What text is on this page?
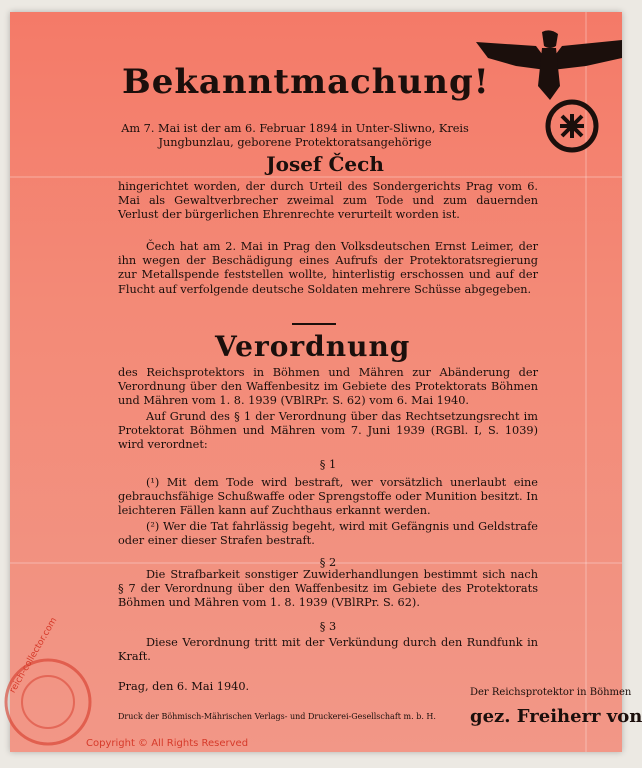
Bekanntmachung!
Am 7. Mai ist der am 6. Februar 1894 in Unter-Sliwno, Kreis Jungbunzlau, geborene Protektoratsangehörige
Josef Čech
hingerichtet worden, der durch Urteil des Sondergerichts Prag vom 6. Mai als Gewaltverbrecher zweimal zum Tode und zum dauernden Verlust der bürgerlichen Ehrenrechte verurteilt worden ist.
Čech hat am 2. Mai in Prag den Volksdeutschen Ernst Leimer, der ihn wegen der Beschädigung eines Aufrufs der Protektoratsregierung zur Metallspende feststellen wollte, hinterlistig erschossen und auf der Flucht auf verfolgende deutsche Soldaten mehrere Schüsse abgegeben.
Verordnung
des Reichsprotektors in Böhmen und Mähren zur Abänderung der Verordnung über den Waffenbesitz im Gebiete des Protektorats Böhmen und Mähren vom 1. 8. 1939 (VBlRPr. S. 62) vom 6. Mai 1940.
Auf Grund des § 1 der Verordnung über das Rechtsetzungsrecht im Protektorat Böhmen und Mähren vom 7. Juni 1939 (RGBl. I, S. 1039) wird verordnet:
§ 1
(¹) Mit dem Tode wird bestraft, wer vorsätzlich unerlaubt eine gebrauchsfähige Schußwaffe oder Sprengstoffe oder Munition besitzt. In leichteren Fällen kann auf Zuchthaus erkannt werden.
(²) Wer die Tat fahrlässig begeht, wird mit Gefängnis und Geldstrafe oder einer dieser Strafen bestraft.
§ 2
Die Strafbarkeit sonstiger Zuwiderhandlungen bestimmt sich nach § 7 der Verordnung über den Waffenbesitz im Gebiete des Protektorats Böhmen und Mähren vom 1. 8. 1939 (VBlRPr. S. 62).
§ 3
Diese Verordnung tritt mit der Verkündung durch den Rundfunk in Kraft.
Prag, den 6. Mai 1940.	Der Reichsprotektor in Böhmen
gez. Freiherr von
Druck der Böhmisch-Mährischen Verlags- und Druckerei-Gesellschaft m. b. H.
reich-collector.com
Copyright © All Rights Reserved
